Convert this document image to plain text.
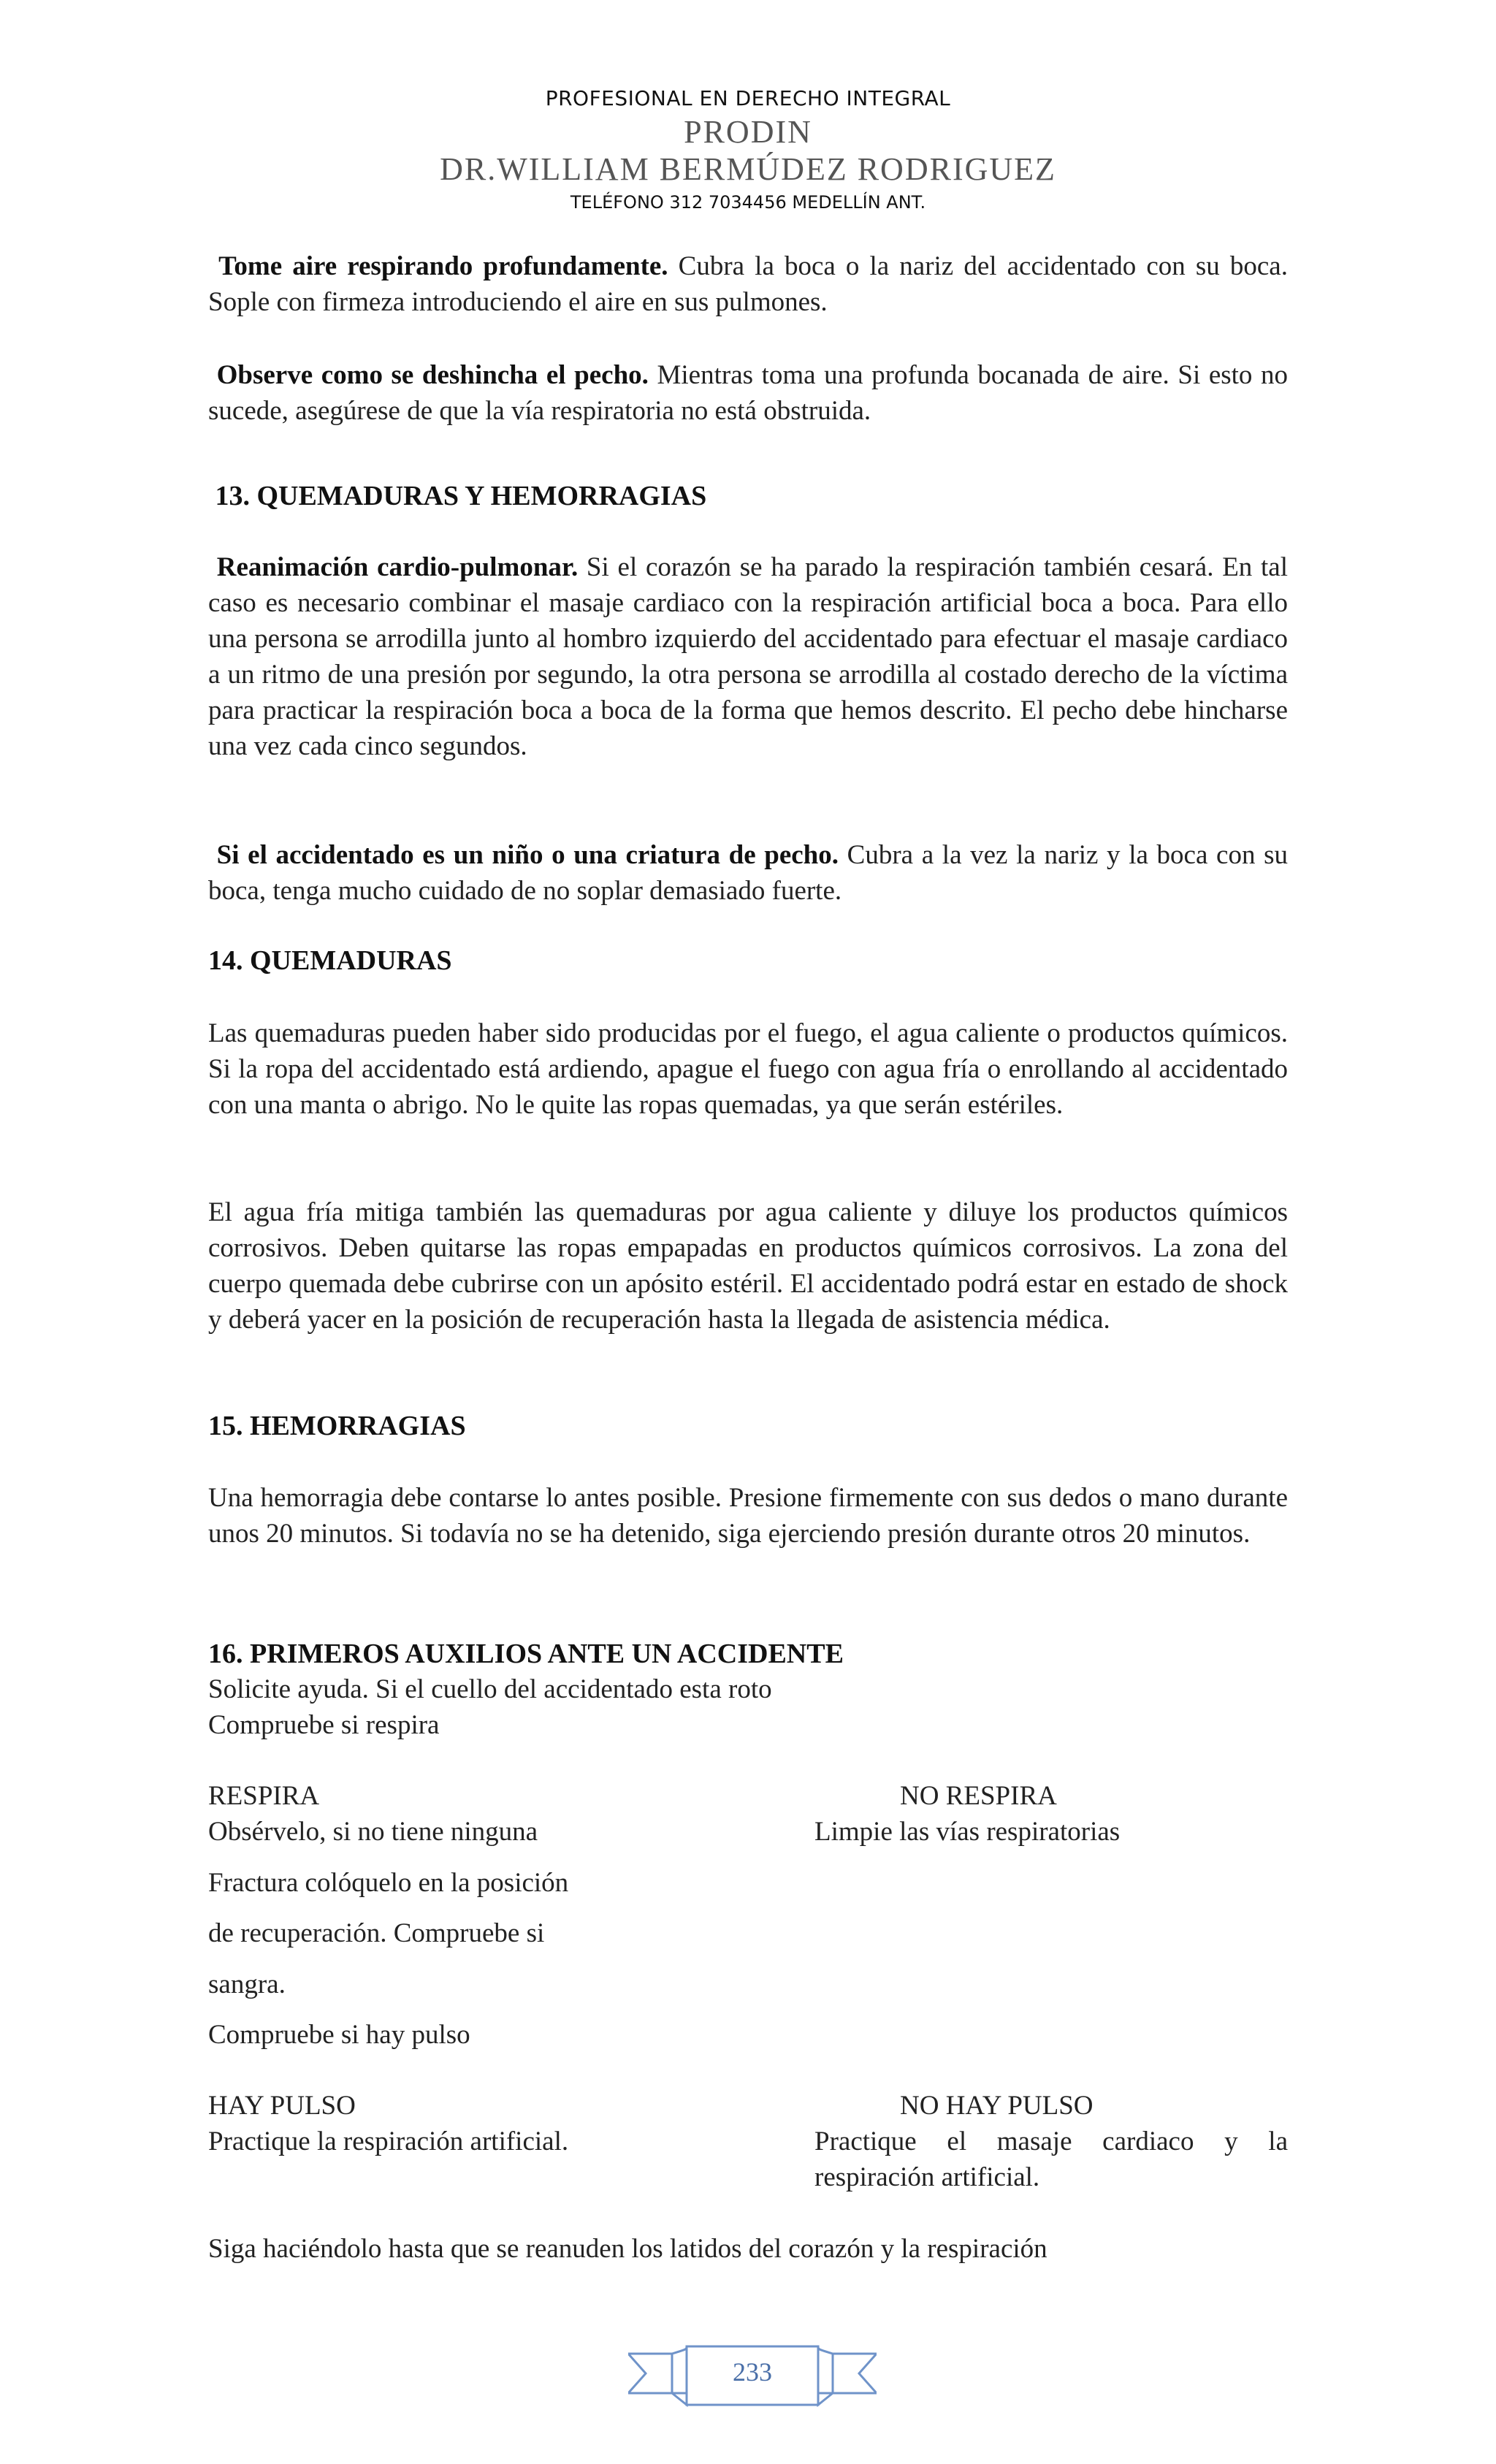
PROFESIONAL EN DERECHO INTEGRAL
PRODIN
DR.WILLIAM BERMÚDEZ RODRIGUEZ
TELÉFONO 312 7034456 MEDELLÍN ANT.

Tome aire respirando profundamente. Cubra la boca o la nariz del accidentado con su boca. Sople con firmeza introduciendo el aire en sus pulmones.

Observe como se deshincha el pecho. Mientras toma una profunda bocanada de aire. Si esto no sucede, asegúrese de que la vía respiratoria no está obstruida.

13. QUEMADURAS Y HEMORRAGIAS

Reanimación cardio-pulmonar. Si el corazón se ha parado la respiración también cesará. En tal caso es necesario combinar el masaje cardiaco con la respiración artificial boca a boca. Para ello una persona se arrodilla junto al hombro izquierdo del accidentado para efectuar el masaje cardiaco a un ritmo de una presión por segundo, la otra persona se arrodilla al costado derecho de la víctima para practicar la respiración boca a boca de la forma que hemos descrito. El pecho debe hincharse una vez cada cinco segundos.

Si el accidentado es un niño o una criatura de pecho. Cubra a la vez la nariz y la boca con su boca, tenga mucho cuidado de no soplar demasiado fuerte.

14. QUEMADURAS

Las quemaduras pueden haber sido producidas por el fuego, el agua caliente o productos químicos. Si la ropa del accidentado está ardiendo, apague el fuego con agua fría o enrollando al accidentado con una manta o abrigo. No le quite las ropas quemadas, ya que serán estériles.

El agua fría mitiga también las quemaduras por agua caliente y diluye los productos químicos corrosivos. Deben quitarse las ropas empapadas en productos químicos corrosivos. La zona del cuerpo quemada debe cubrirse con un apósito estéril. El accidentado podrá estar en estado de shock y deberá yacer en la posición de recuperación hasta la llegada de asistencia médica.

15. HEMORRAGIAS

Una hemorragia debe contarse lo antes posible. Presione firmemente con sus dedos o mano durante unos 20 minutos. Si todavía no se ha detenido, siga ejerciendo presión durante otros 20 minutos.

16. PRIMEROS AUXILIOS ANTE UN ACCIDENTE

Solicite ayuda. Si el cuello del accidentado esta roto

Compruebe si respira

RESPIRA	NO RESPIRA

Obsérvelo, si no tiene ninguna	Limpie las vías respiratorias

Fractura colóquelo en la posición

de recuperación. Compruebe si

sangra.

Compruebe si hay pulso

HAY PULSO	NO HAY PULSO

Practique la respiración artificial.	Practique el masaje cardiaco y la respiración artificial.

Siga haciéndolo hasta que se reanuden los latidos del corazón y la respiración

233
